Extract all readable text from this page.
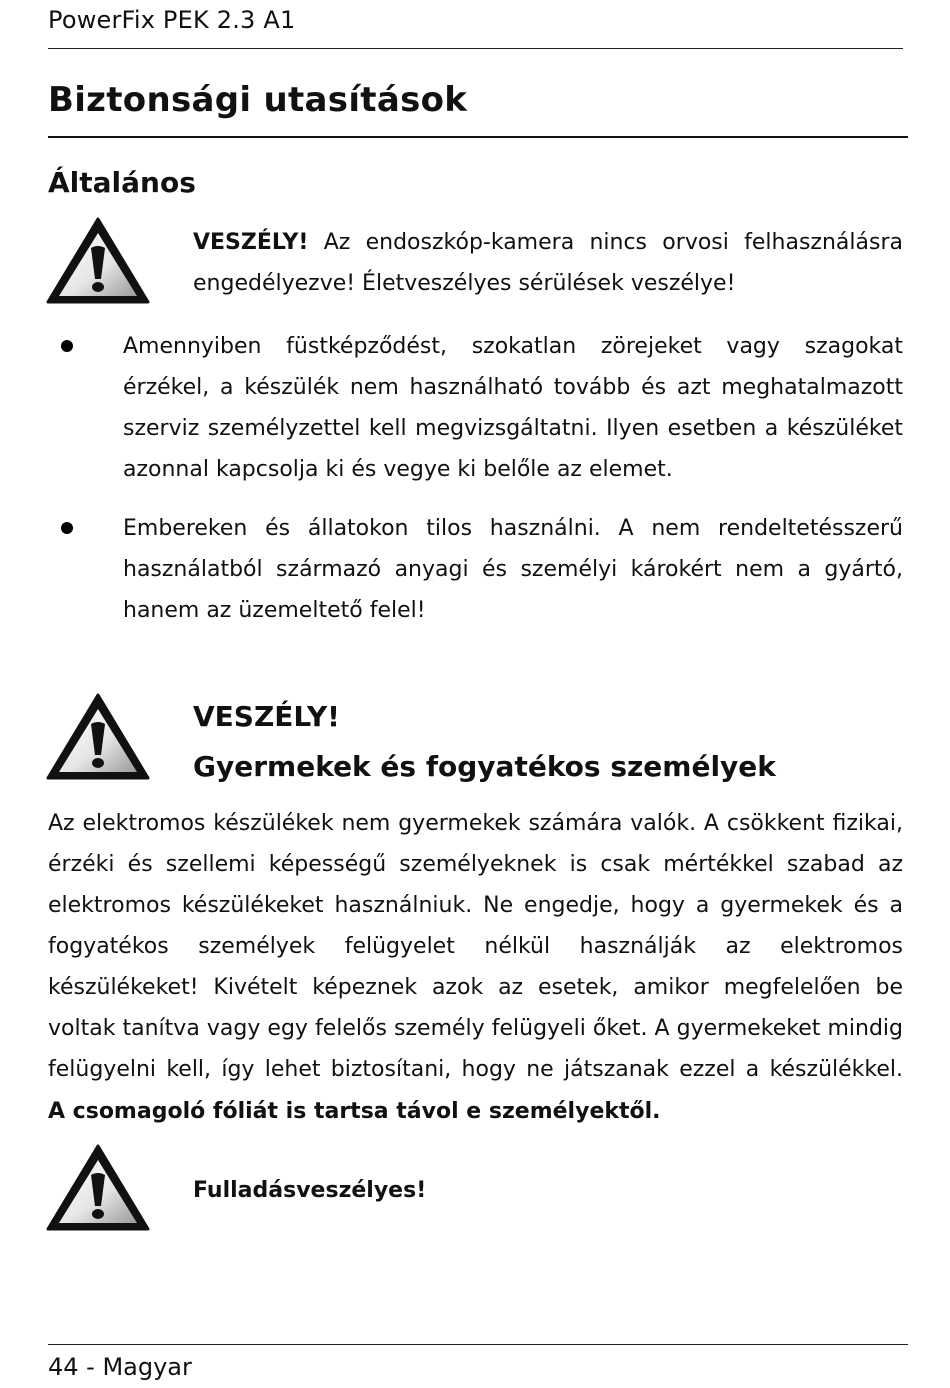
PowerFix PEK 2.3 A1
Biztonsági utasítások
Általános

VESZÉLY! Az endoszkóp-kamera nincs orvosi felhasználásra engedélyezve! Életveszélyes sérülések veszélye!

Amennyiben füstképződést, szokatlan zörejeket vagy szagokat érzékel, a készülék nem használható tovább és azt meghatalmazott szerviz személyzettel kell megvizsgáltatni. Ilyen esetben a készüléket azonnal kapcsolja ki és vegye ki belőle az elemet.

Embereken és állatokon tilos használni. A nem rendeltetésszerű használatból származó anyagi és személyi károkért nem a gyártó, hanem az üzemeltető felel!

VESZÉLY!
Gyermekek és fogyatékos személyek

Az elektromos készülékek nem gyermekek számára valók. A csökkent fizikai, érzéki és szellemi képességű személyeknek is csak mértékkel szabad az elektromos készülékeket használniuk. Ne engedje, hogy a gyermekek és a fogyatékos személyek felügyelet nélkül használják az elektromos készülékeket! Kivételt képeznek azok az esetek, amikor megfelelően be voltak tanítva vagy egy felelős személy felügyeli őket. A gyermekeket mindig felügyelni kell, így lehet biztosítani, hogy ne játszanak ezzel a készülékkel.

A csomagoló fóliát is tartsa távol e személyektől.

Fulladásveszélyes!

44 - Magyar
